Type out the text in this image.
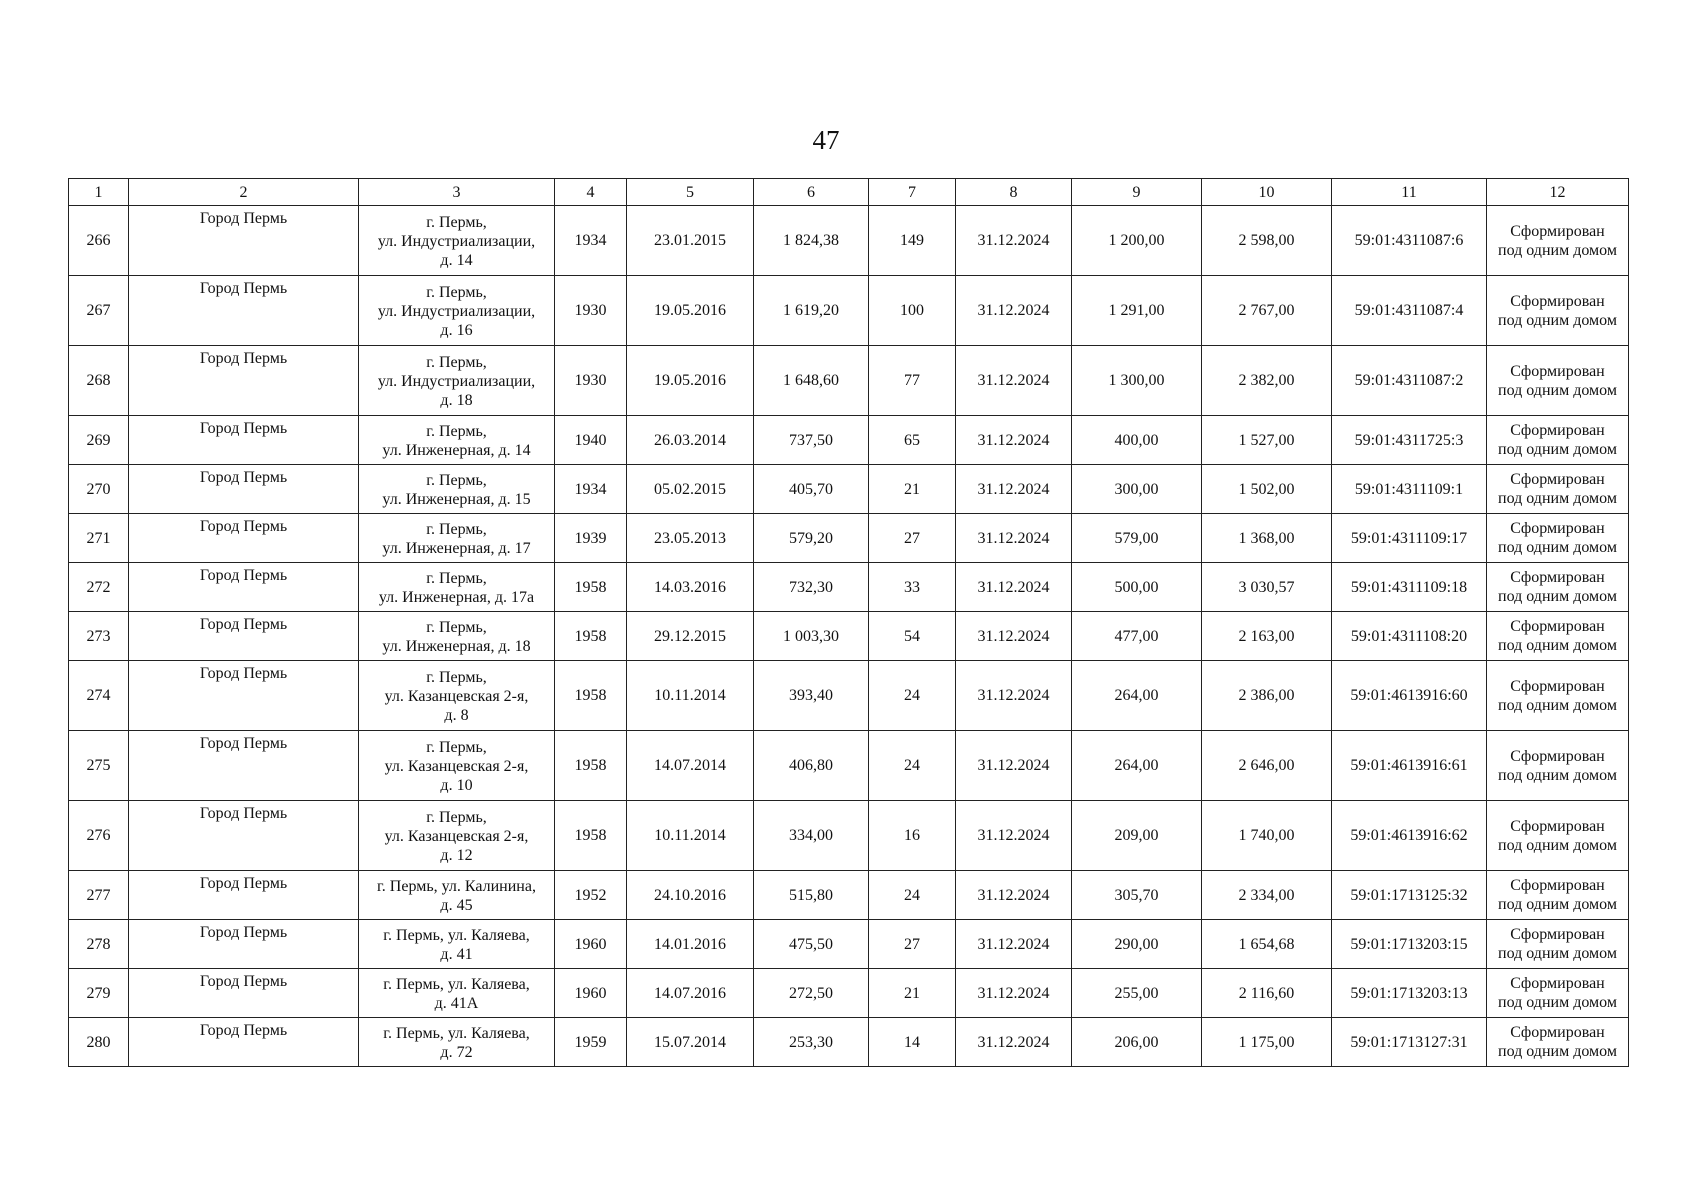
47
1	2	3	4	5	6	7	8	9	10	11	12
266	Город Пермь	г. Пермь,
ул. Индустриализации,
д. 14	1934	23.01.2015	1 824,38	149	31.12.2024	1 200,00	2 598,00	59:01:4311087:6	Сформирован
под одним домом

267	Город Пермь	г. Пермь,
ул. Индустриализации,
д. 16	1930	19.05.2016	1 619,20	100	31.12.2024	1 291,00	2 767,00	59:01:4311087:4	Сформирован
под одним домом

268	Город Пермь	г. Пермь,
ул. Индустриализации,
д. 18	1930	19.05.2016	1 648,60	77	31.12.2024	1 300,00	2 382,00	59:01:4311087:2	Сформирован
под одним домом

269	Город Пермь	г. Пермь,
ул. Инженерная, д. 14	1940	26.03.2014	737,50	65	31.12.2024	400,00	1 527,00	59:01:4311725:3	Сформирован
под одним домом

270	Город Пермь	г. Пермь,
ул. Инженерная, д. 15	1934	05.02.2015	405,70	21	31.12.2024	300,00	1 502,00	59:01:4311109:1	Сформирован
под одним домом

271	Город Пермь	г. Пермь,
ул. Инженерная, д. 17	1939	23.05.2013	579,20	27	31.12.2024	579,00	1 368,00	59:01:4311109:17	Сформирован
под одним домом

272	Город Пермь	г. Пермь,
ул. Инженерная, д. 17а	1958	14.03.2016	732,30	33	31.12.2024	500,00	3 030,57	59:01:4311109:18	Сформирован
под одним домом

273	Город Пермь	г. Пермь,
ул. Инженерная, д. 18	1958	29.12.2015	1 003,30	54	31.12.2024	477,00	2 163,00	59:01:4311108:20	Сформирован
под одним домом

274	Город Пермь	г. Пермь,
ул. Казанцевская 2-я,
д. 8	1958	10.11.2014	393,40	24	31.12.2024	264,00	2 386,00	59:01:4613916:60	Сформирован
под одним домом

275	Город Пермь	г. Пермь,
ул. Казанцевская 2-я,
д. 10	1958	14.07.2014	406,80	24	31.12.2024	264,00	2 646,00	59:01:4613916:61	Сформирован
под одним домом

276	Город Пермь	г. Пермь,
ул. Казанцевская 2-я,
д. 12	1958	10.11.2014	334,00	16	31.12.2024	209,00	1 740,00	59:01:4613916:62	Сформирован
под одним домом

277	Город Пермь	г. Пермь, ул. Калинина,
д. 45	1952	24.10.2016	515,80	24	31.12.2024	305,70	2 334,00	59:01:1713125:32	Сформирован
под одним домом

278	Город Пермь	г. Пермь, ул. Каляева,
д. 41	1960	14.01.2016	475,50	27	31.12.2024	290,00	1 654,68	59:01:1713203:15	Сформирован
под одним домом

279	Город Пермь	г. Пермь, ул. Каляева,
д. 41А	1960	14.07.2016	272,50	21	31.12.2024	255,00	2 116,60	59:01:1713203:13	Сформирован
под одним домом

280	Город Пермь	г. Пермь, ул. Каляева,
д. 72	1959	15.07.2014	253,30	14	31.12.2024	206,00	1 175,00	59:01:1713127:31	Сформирован
под одним домом
